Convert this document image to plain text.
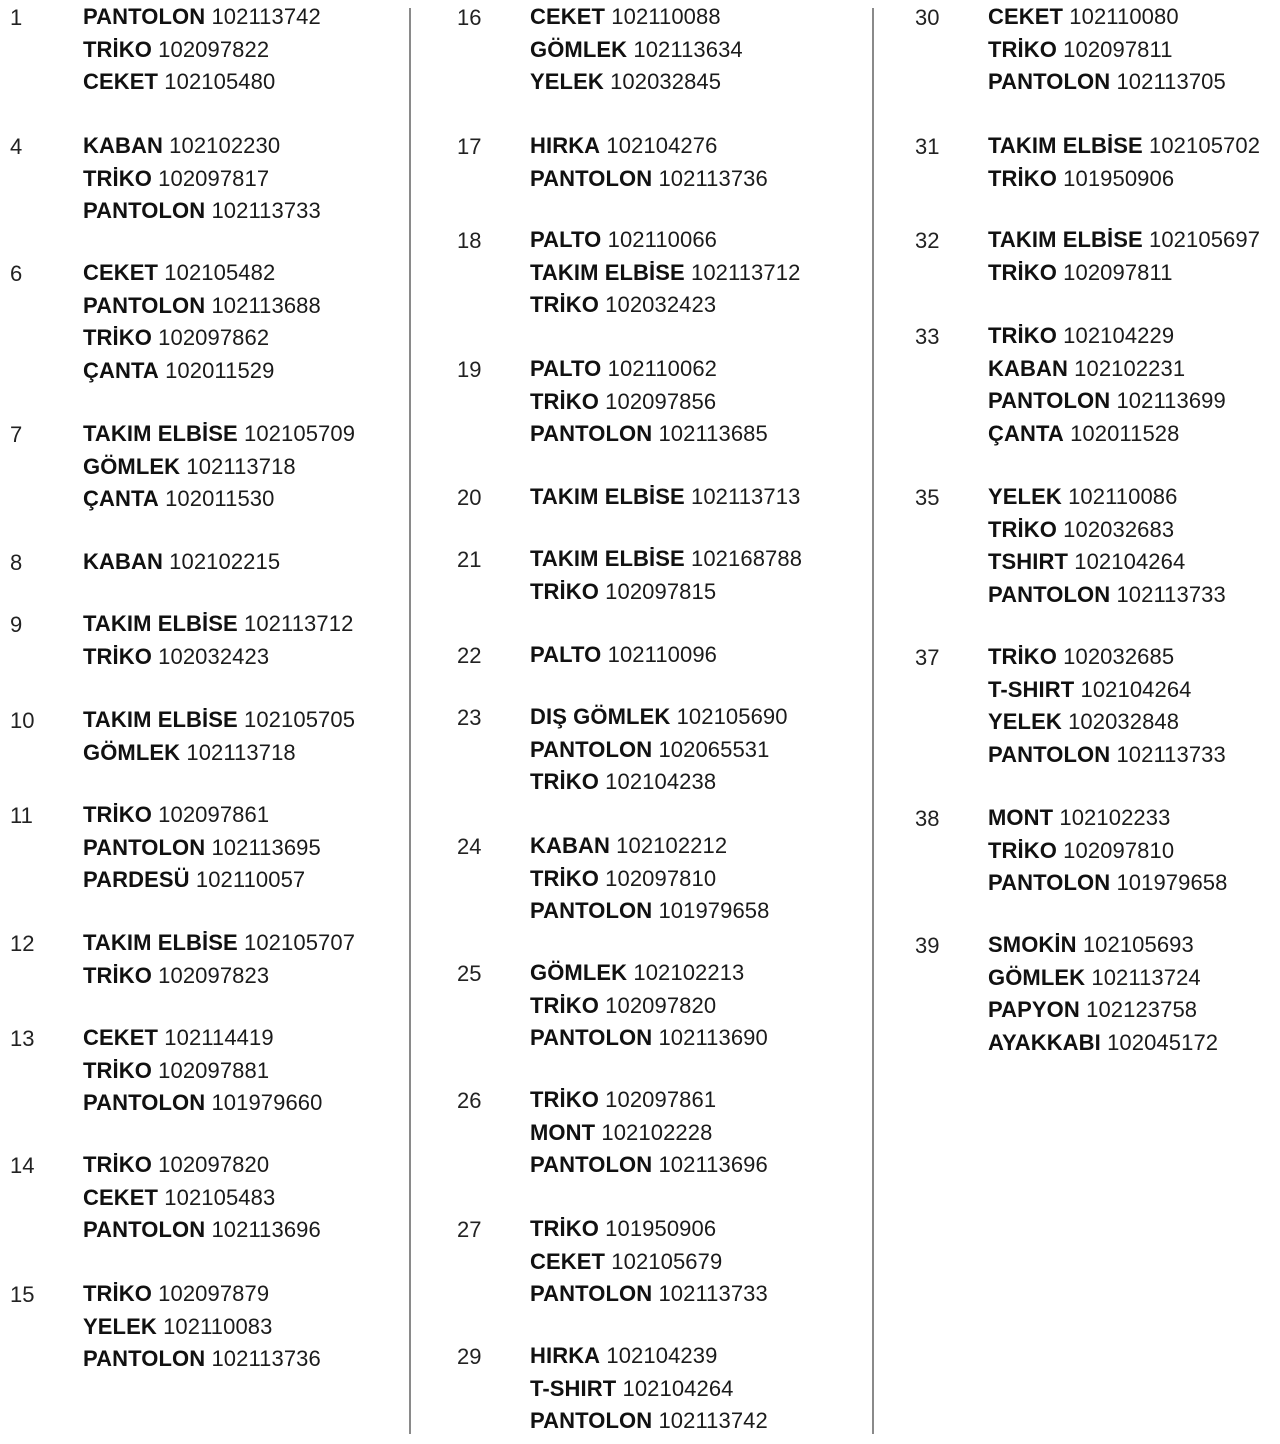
1	PANTOLON 102113742
TRİKO 102097822
CEKET 102105480
4	KABAN 102102230
TRİKO 102097817
PANTOLON 102113733
6	CEKET 102105482
PANTOLON 102113688
TRİKO 102097862
ÇANTA 102011529
7	TAKIM ELBİSE 102105709
GÖMLEK 102113718
ÇANTA 102011530
8	KABAN 102102215
9	TAKIM ELBİSE 102113712
TRİKO 102032423
10 TAKIM ELBİSE 102105705
GÖMLEK 102113718
11 TRİKO 102097861
PANTOLON 102113695
PARDESÜ 102110057
12 TAKIM ELBİSE 102105707
TRİKO 102097823
13 CEKET 102114419
TRİKO 102097881
PANTOLON 101979660
14 TRİKO 102097820
CEKET 102105483
PANTOLON 102113696
15 TRİKO 102097879
YELEK 102110083
PANTOLON 102113736
16 CEKET 102110088
GÖMLEK 102113634
YELEK 102032845
17 HIRKA 102104276
PANTOLON 102113736
18 PALTO 102110066
TAKIM ELBİSE 102113712
TRİKO 102032423
19 PALTO 102110062
TRİKO 102097856
PANTOLON 102113685
20 TAKIM ELBİSE 102113713
21 TAKIM ELBİSE 102168788
TRİKO 102097815
22 PALTO 102110096
23 DIŞ GÖMLEK 102105690
PANTOLON 102065531
TRİKO 102104238
24 KABAN 102102212
TRİKO 102097810
PANTOLON 101979658
25 GÖMLEK 102102213
TRİKO 102097820
PANTOLON 102113690
26 TRİKO 102097861
MONT 102102228
PANTOLON 102113696
27 TRİKO 101950906
CEKET 102105679
PANTOLON 102113733
29 HIRKA 102104239
T-SHIRT 102104264
PANTOLON 102113742
30 CEKET 102110080
TRİKO 102097811
PANTOLON 102113705
31 TAKIM ELBİSE 102105702
TRİKO 101950906
32 TAKIM ELBİSE 102105697
TRİKO 102097811
33 TRİKO 102104229
KABAN 102102231
PANTOLON 102113699
ÇANTA 102011528
35 YELEK 102110086
TRİKO 102032683
TSHIRT 102104264
PANTOLON 102113733
37 TRİKO 102032685
T-SHIRT 102104264
YELEK 102032848
PANTOLON 102113733
38 MONT 102102233
TRİKO 102097810
PANTOLON 101979658
39 SMOKİN 102105693
GÖMLEK 102113724
PAPYON 102123758
AYAKKABI 102045172
